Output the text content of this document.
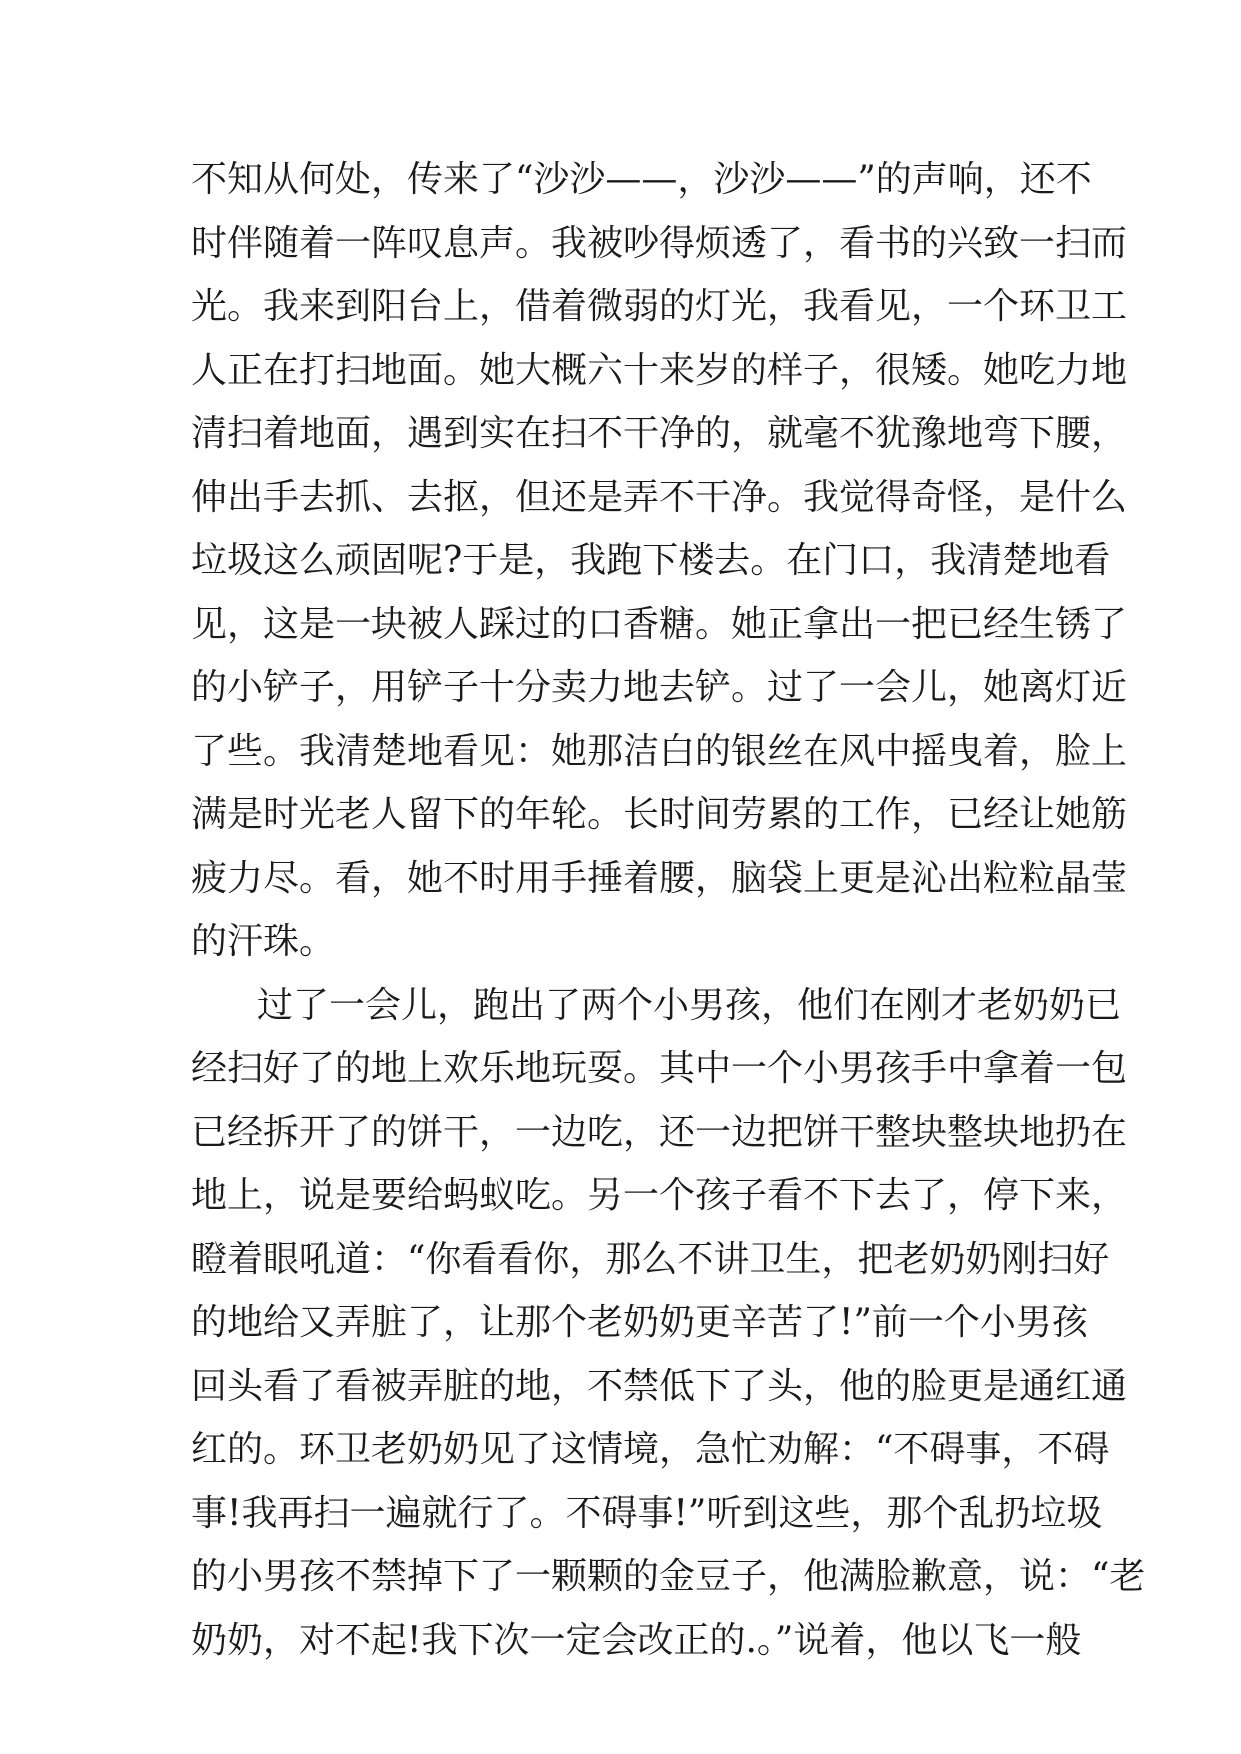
不知从何处，传来了“沙沙——，沙沙——”的声响，还不
时伴随着一阵叹息声。我被吵得烦透了，看书的兴致一扫而
光。我来到阳台上，借着微弱的灯光，我看见，一个环卫工
人正在打扫地面。她大概六十来岁的样子，很矮。她吃力地
清扫着地面，遇到实在扫不干净的，就毫不犹豫地弯下腰，
伸出手去抓、去抠，但还是弄不干净。我觉得奇怪，是什么
垃圾这么顽固呢?于是，我跑下楼去。在门口，我清楚地看
见，这是一块被人踩过的口香糖。她正拿出一把已经生锈了
的小铲子，用铲子十分卖力地去铲。过了一会儿，她离灯近
了些。我清楚地看见：她那洁白的银丝在风中摇曳着，脸上
满是时光老人留下的年轮。长时间劳累的工作，已经让她筋
疲力尽。看，她不时用手捶着腰，脑袋上更是沁出粒粒晶莹
的汗珠。
过了一会儿，跑出了两个小男孩，他们在刚才老奶奶已
经扫好了的地上欢乐地玩耍。其中一个小男孩手中拿着一包
已经拆开了的饼干，一边吃，还一边把饼干整块整块地扔在
地上，说是要给蚂蚁吃。另一个孩子看不下去了，停下来，
瞪着眼吼道：“你看看你，那么不讲卫生，把老奶奶刚扫好
的地给又弄脏了，让那个老奶奶更辛苦了!”前一个小男孩
回头看了看被弄脏的地，不禁低下了头，他的脸更是通红通
红的。环卫老奶奶见了这情境，急忙劝解：“不碍事，不碍
事!我再扫一遍就行了。不碍事!”听到这些，那个乱扔垃圾
的小男孩不禁掉下了一颗颗的金豆子，他满脸歉意，说：“老
奶奶，对不起!我下次一定会改正的.。”说着，他以飞一般
